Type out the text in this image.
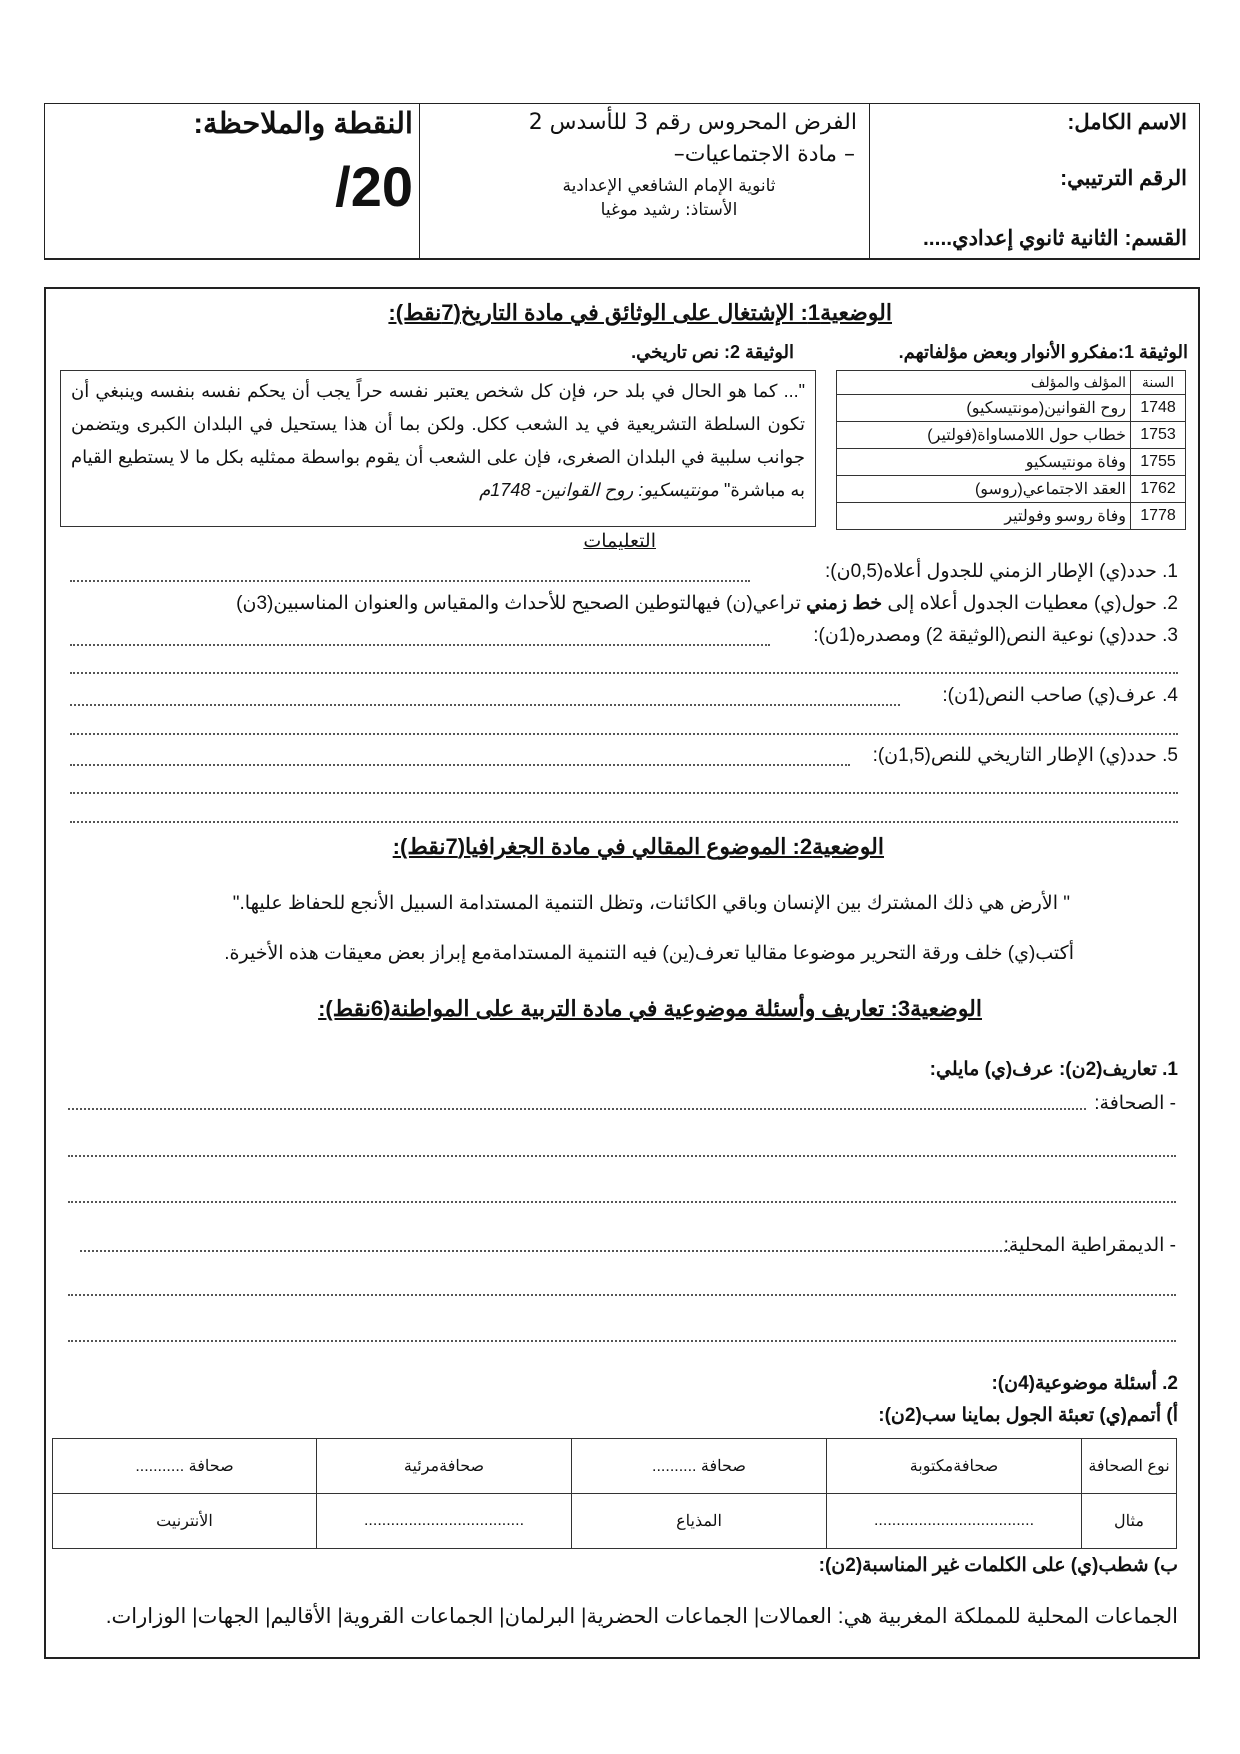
الاسم الكامل:
الرقم الترتيبي:
القسم: الثانية ثانوي إعدادي.....
الفرض المحروس رقم 3 للأسدس 2
– مادة الاجتماعيات–
ثانوية الإمام الشافعي الإعدادية
الأستاذ: رشيد موغيا
النقطة والملاحظة:
/20
الوضعية1: الإشتغال على الوثائق في مادة التاريخ(7نقط):
الوثيقة 1:مفكرو الأنوار وبعض مؤلفاتهم.
الوثيقة 2: نص تاريخي.
السنة	المؤلف والمؤلف
1748	روح القوانين(مونتيسكيو)
1753	خطاب حول اللامساواة(فولتير)
1755	وفاة مونتيسكيو
1762	العقد الاجتماعي(روسو)
1778	وفاة روسو وفولتير
"... كما هو الحال في بلد حر، فإن كل شخص يعتبر نفسه حراً يجب أن يحكم نفسه بنفسه وينبغي أن تكون السلطة التشريعية في يد الشعب ككل. ولكن بما أن هذا يستحيل في البلدان الكبرى ويتضمن جوانب سلبية في البلدان الصغرى، فإن على الشعب أن يقوم بواسطة ممثليه بكل ما لا يستطيع القيام به مباشرة" مونتيسكيو: روح القوانين- 1748م
التعليمات
1. حدد(ي) الإطار الزمني للجدول أعلاه(0,5ن):
2. حول(ي) معطيات الجدول أعلاه إلى خط زمني تراعي(ن) فيهالتوطين الصحيح للأحداث والمقياس والعنوان المناسبين(3ن)
3. حدد(ي) نوعية النص(الوثيقة 2) ومصدره(1ن):
4. عرف(ي) صاحب النص(1ن):
5. حدد(ي) الإطار التاريخي للنص(1,5ن):
الوضعية2: الموضوع المقالي في مادة الجغرافيا(7نقط):
" الأرض هي ذلك المشترك بين الإنسان وباقي الكائنات، وتظل التنمية المستدامة السبيل الأنجع للحفاظ عليها."
أكتب(ي) خلف ورقة التحرير موضوعا مقاليا تعرف(ين) فيه التنمية المستدامةمع إبراز بعض معيقات هذه الأخيرة.
الوضعية3: تعاريف وأسئلة موضوعية في مادة التربية على المواطنة(6نقط):
1. تعاريف(2ن): عرف(ي) مايلي:
- الصحافة:
- الديمقراطية المحلية:
2. أسئلة موضوعية(4ن):
أ) أتمم(ي) تعبئة الجول بماينا سب(2ن):
نوع الصحافة	صحافةمكتوبة	صحافة ..........	صحافةمرئية	صحافة ...........
مثال	....................................	المذياع	....................................	الأنترنيت
ب) شطب(ي) على الكلمات غير المناسبة(2ن):
الجماعات المحلية للمملكة المغربية هي: العمالات| الجماعات الحضرية| البرلمان| الجماعات القروية| الأقاليم| الجهات| الوزارات.
